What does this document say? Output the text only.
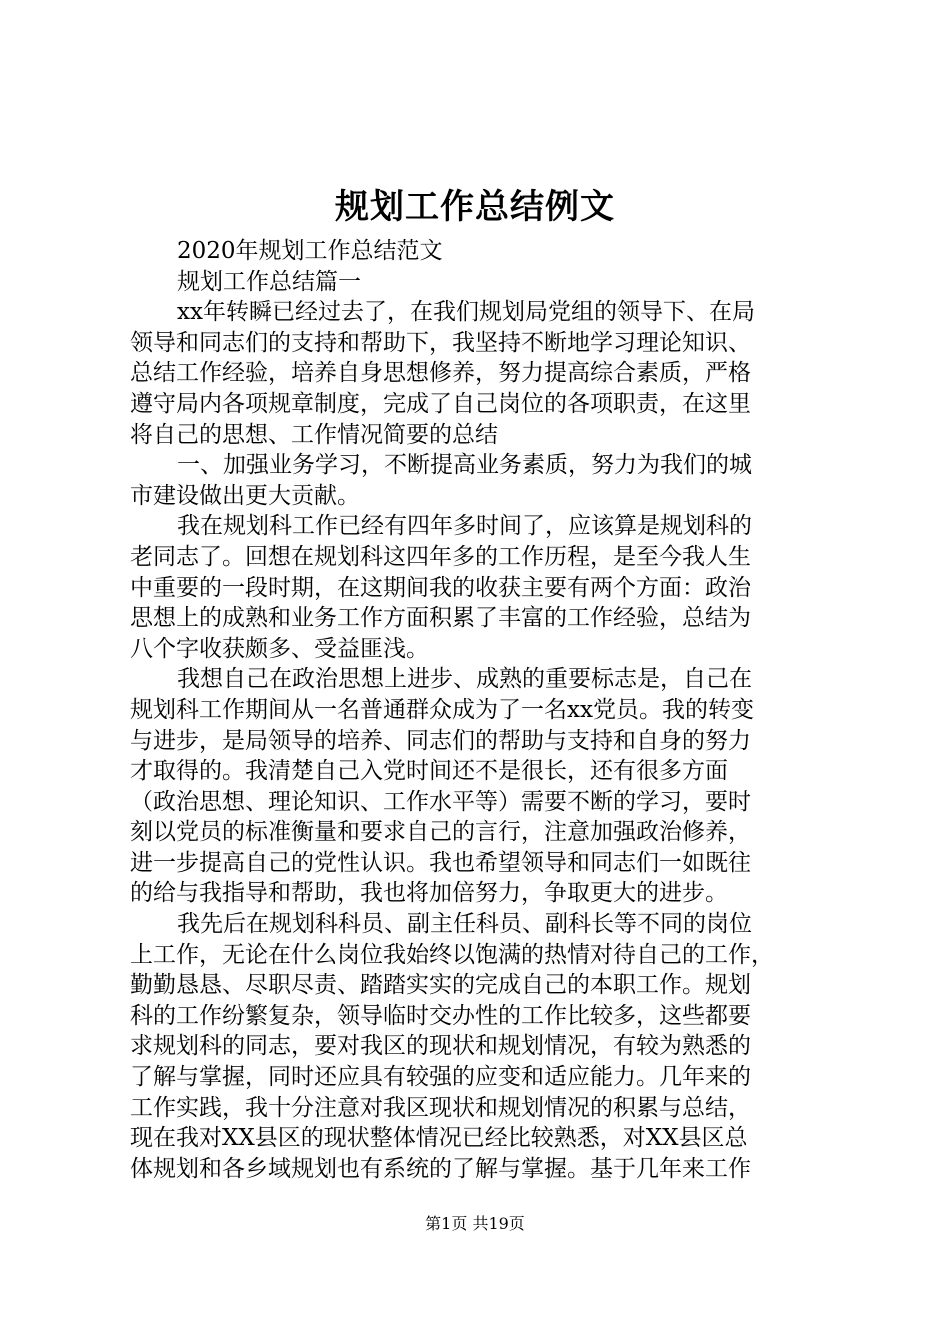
规划工作总结例文
2020年规划工作总结范文
规划工作总结篇一
xx年转瞬已经过去了，在我们规划局党组的领导下、在局
领导和同志们的支持和帮助下，我坚持不断地学习理论知识、
总结工作经验，培养自身思想修养，努力提高综合素质，严格
遵守局内各项规章制度，完成了自己岗位的各项职责，在这里
将自己的思想、工作情况简要的总结
一、加强业务学习，不断提高业务素质，努力为我们的城
市建设做出更大贡献。
我在规划科工作已经有四年多时间了，应该算是规划科的
老同志了。回想在规划科这四年多的工作历程，是至今我人生
中重要的一段时期，在这期间我的收获主要有两个方面：政治
思想上的成熟和业务工作方面积累了丰富的工作经验，总结为
八个字收获颇多、受益匪浅。
我想自己在政治思想上进步、成熟的重要标志是，自己在
规划科工作期间从一名普通群众成为了一名xx党员。我的转变
与进步，是局领导的培养、同志们的帮助与支持和自身的努力
才取得的。我清楚自己入党时间还不是很长，还有很多方面
（政治思想、理论知识、工作水平等）需要不断的学习，要时
刻以党员的标准衡量和要求自己的言行，注意加强政治修养，
进一步提高自己的党性认识。我也希望领导和同志们一如既往
的给与我指导和帮助，我也将加倍努力，争取更大的进步。
我先后在规划科科员、副主任科员、副科长等不同的岗位
上工作，无论在什么岗位我始终以饱满的热情对待自己的工作，
勤勤恳恳、尽职尽责、踏踏实实的完成自己的本职工作。规划
科的工作纷繁复杂，领导临时交办性的工作比较多，这些都要
求规划科的同志，要对我区的现状和规划情况，有较为熟悉的
了解与掌握，同时还应具有较强的应变和适应能力。几年来的
工作实践，我十分注意对我区现状和规划情况的积累与总结，
现在我对XX县区的现状整体情况已经比较熟悉，对XX县区总
体规划和各乡域规划也有系统的了解与掌握。基于几年来工作
第1页 共19页
